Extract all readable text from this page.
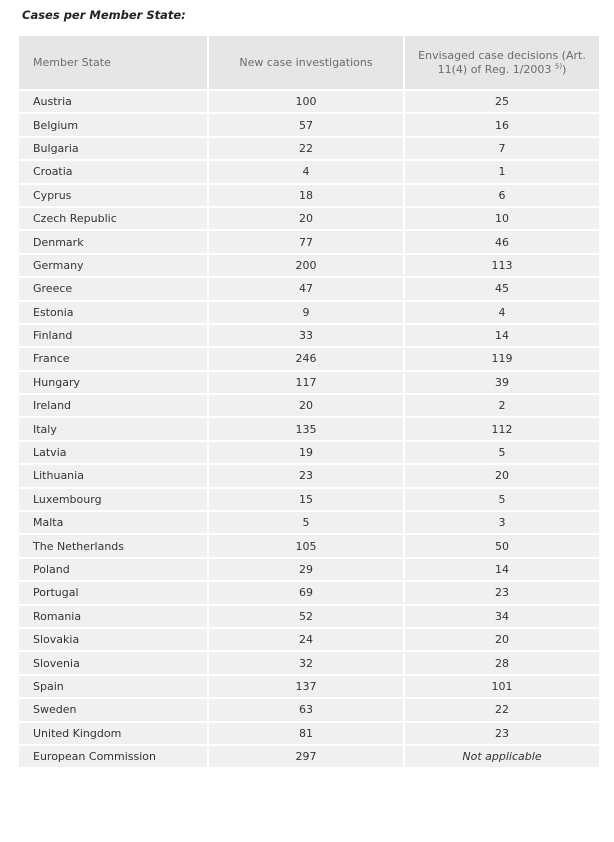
Cases per Member State:
Member State	New case investigations	Envisaged case decisions (Art. 11(4) of Reg. 1/2003 $^{5)}$)
Austria	100	25
Belgium	57	16
Bulgaria	22	7
Croatia	4	1
Cyprus	18	6
Czech Republic	20	10
Denmark	77	46
Germany	200	113
Greece	47	45
Estonia	9	4
Finland	33	14
France	246	119
Hungary	117	39
Ireland	20	2
Italy	135	112
Latvia	19	5
Lithuania	23	20
Luxembourg	15	5
Malta	5	3
The Netherlands	105	50
Poland	29	14
Portugal	69	23
Romania	52	34
Slovakia	24	20
Slovenia	32	28
Spain	137	101
Sweden	63	22
United Kingdom	81	23
European Commission	297	Not applicable
